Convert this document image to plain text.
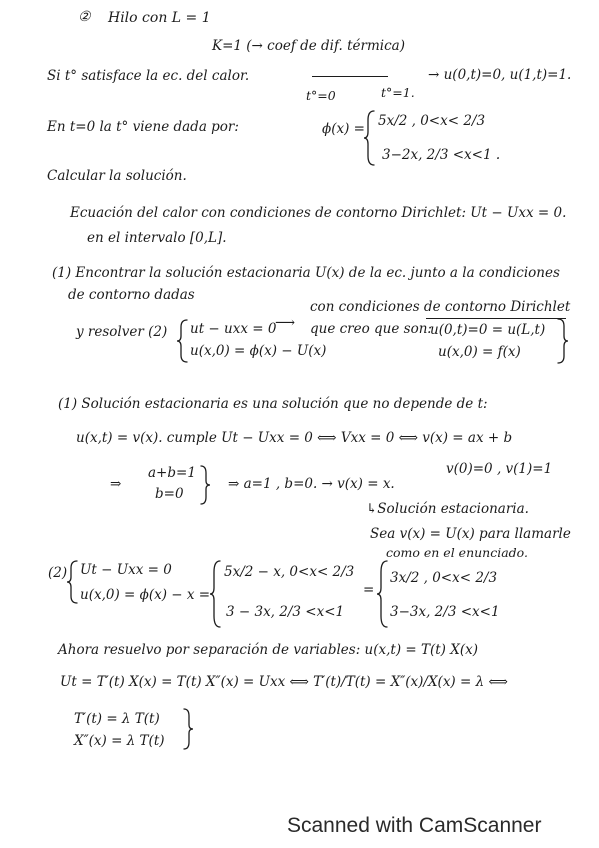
② Hilo con L = 1
K=1 (→ coef de dif. térmica)
Si t° satisface la ec. del calor.
t°=0	t°=1.
→ u(0,t)=0, u(1,t)=1.
En t=0 la t° viene dada por:	ϕ(x) = 5x/2 , 0<x< 2/3
3−2x, 2/3 <x<1 .
Calcular la solución.
Ecuación del calor con condiciones de contorno Dirichlet: Ut − Uxx = 0.
en el intervalo [0,L].
(1) Encontrar la solución estacionaria U(x) de la ec. junto a la condiciones
de contorno dadas
con condiciones de contorno Dirichlet
⟶
y resolver (2) ut − uxx = 0
u(x,0) = ϕ(x) − U(x)
que creo que son:
u(0,t)=0 = u(L,t)
u(x,0) = f(x)
(1) Solución estacionaria es una solución que no depende de t:
u(x,t) = v(x). cumple Ut − Uxx = 0 ⟺ Vxx = 0 ⟺ v(x) = ax + b
v(0)=0 , v(1)=1
⇒
a+b=1
b=0
⇒ a=1 , b=0. → v(x) = x.
↳Solución estacionaria.
Sea v(x) = U(x) para llamarle
como en el enunciado.
(2) Ut − Uxx = 0
u(x,0) = ϕ(x) − x =
5x/2 − x, 0<x< 2/3
3 − 3x, 2/3 <x<1
=
3x/2 , 0<x< 2/3
3−3x, 2/3 <x<1
Ahora resuelvo por separación de variables: u(x,t) = T(t) X(x)
Ut = T′(t) X(x) = T(t) X″(x) = Uxx ⟺ T′(t)/T(t) = X″(x)/X(x) = λ ⟺
T′(t) = λ T(t)
X″(x) = λ T(t)
Scanned with CamScanner
